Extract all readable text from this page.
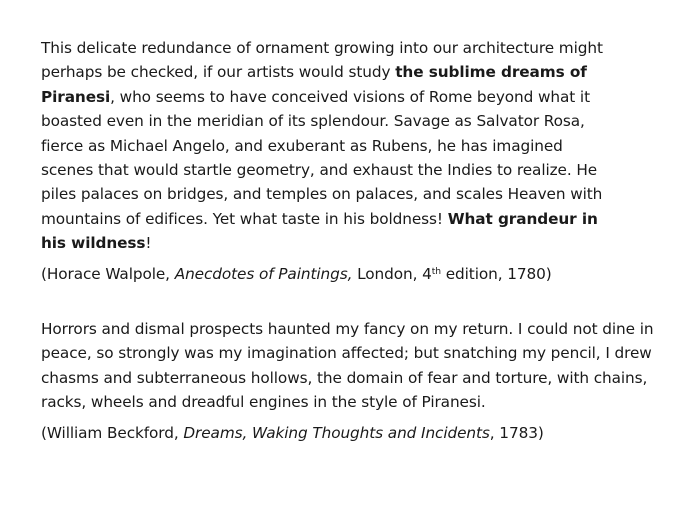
This delicate redundance of ornament growing into our architecture might
perhaps be checked, if our artists would study the sublime dreams of
Piranesi, who seems to have conceived visions of Rome beyond what it
boasted even in the meridian of its splendour. Savage as Salvator Rosa,
fierce as Michael Angelo, and exuberant as Rubens, he has imagined
scenes that would startle geometry, and exhaust the Indies to realize. He
piles palaces on bridges, and temples on palaces, and scales Heaven with
mountains of edifices. Yet what taste in his boldness! What grandeur in
his wildness!
(Horace Walpole, Anecdotes of Paintings, London, 4th edition, 1780)
Horrors and dismal prospects haunted my fancy on my return. I could not dine in
peace, so strongly was my imagination affected; but snatching my pencil, I drew
chasms and subterraneous hollows, the domain of fear and torture, with chains,
racks, wheels and dreadful engines in the style of Piranesi.
(William Beckford, Dreams, Waking Thoughts and Incidents, 1783)
